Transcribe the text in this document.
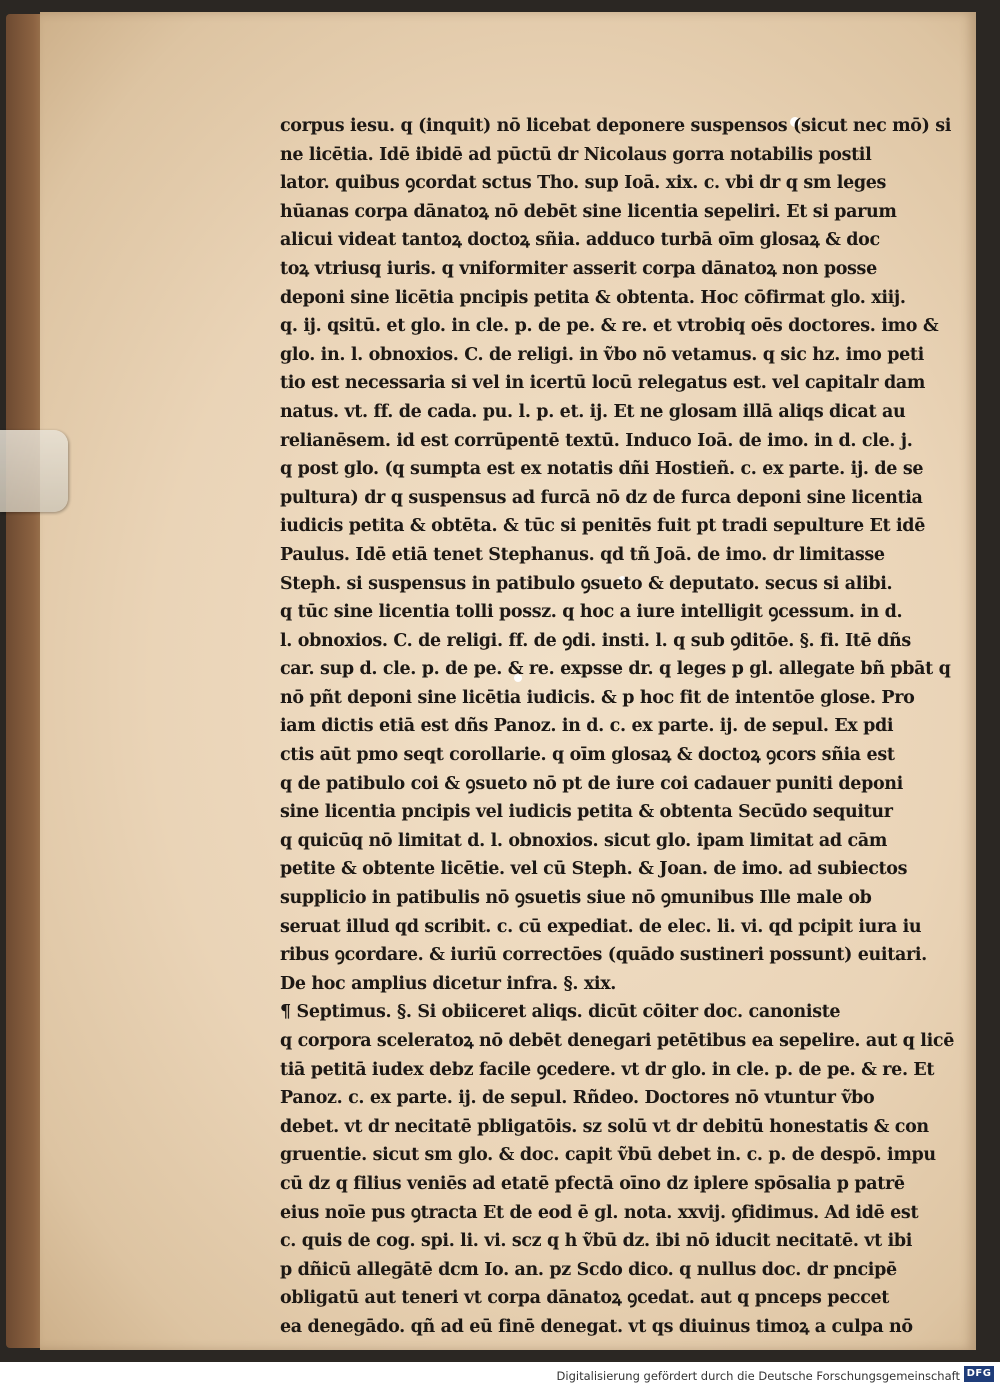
corpus iesu. q (inquit) nō licebat deponere suspensos (sicut nec mō) si
ne licētia. Idē ibidē ad pūctū dr Nicolaus gorra notabilis postil
lator. quibus ꝯcordat sctus Tho. sup Ioā. xix. c. vbi dr q sm leges
hūanas corpa dānatoꝝ nō debēt sine licentia sepeliri. Et si parum
alicui videat tantoꝝ doctoꝝ sñia. adduco turbā oīm glosaꝝ & doc
toꝝ vtriusq iuris. q vniformiter asserit corpa dānatoꝝ non posse
deponi sine licētia pncipis petita & obtenta. Hoc cōfirmat glo. xiij.
q. ij. qsitū. et glo. in cle. p. de pe. & re. et vtrobiq oēs doctores. imo &
glo. in. l. obnoxios. C. de religi. in ṽbo nō vetamus. q sic hz. imo peti
tio est necessaria si vel in icertū locū relegatus est. vel capitalr dam
natus. vt. ff. de cada. pu. l. p. et. ij. Et ne glosam illā aliqs dicat au
relianēsem. id est corrūpentē textū. Induco Ioā. de imo. in d. cle. j.
q post glo. (q sumpta est ex notatis dñi Hostieñ. c. ex parte. ij. de se
pultura) dr q suspensus ad furcā nō dz de furca deponi sine licentia
iudicis petita & obtēta. & tūc si penitēs fuit pt tradi sepulture Et idē
Paulus. Idē etiā tenet Stephanus. qd tñ Joā. de imo. dr limitasse
Steph. si suspensus in patibulo ꝯsueto & deputato. secus si alibi.
q tūc sine licentia tolli possz. q hoc a iure intelligit ꝯcessum. in d.
l. obnoxios. C. de religi. ff. de ꝯdi. insti. l. q sub ꝯditōe. §. fi. Itē dñs
car. sup d. cle. p. de pe. & re. expsse dr. q leges p gl. allegate bñ pbāt q
nō pñt deponi sine licētia iudicis. & p hoc fit de intentōe glose. Pro
iam dictis etiā est dñs Panoz. in d. c. ex parte. ij. de sepul. Ex pdi
ctis aūt pmo seqt corollarie. q oīm glosaꝝ & doctoꝝ ꝯcors sñia est
q de patibulo coi & ꝯsueto nō pt de iure coi cadauer puniti deponi
sine licentia pncipis vel iudicis petita & obtenta Secūdo sequitur
q quicūq nō limitat d. l. obnoxios. sicut glo. ipam limitat ad cām
petite & obtente licētie. vel cū Steph. & Joan. de imo. ad subiectos
supplicio in patibulis nō ꝯsuetis siue nō ꝯmunibus Ille male ob
seruat illud qd scribit. c. cū expediat. de elec. li. vi. qd pcipit iura iu
ribus ꝯcordare. & iuriū correctōes (quādo sustineri possunt) euitari.
De hoc amplius dicetur infra. §. xix.
¶ Septimus. §. Si obiiceret aliqs. dicūt cōiter doc. canoniste
q corpora sceleratoꝝ nō debēt denegari petētibus ea sepelire. aut q licē
tiā petitā iudex debz facile ꝯcedere. vt dr glo. in cle. p. de pe. & re. Et
Panoz. c. ex parte. ij. de sepul. Rñdeo. Doctores nō vtuntur ṽbo
debet. vt dr necitatē pbligatōis. sz solū vt dr debitū honestatis & con
gruentie. sicut sm glo. & doc. capit ṽbū debet in. c. p. de despō. impu
cū dz q filius veniēs ad etatē pfectā oīno dz iplere spōsalia p patrē
eius noīe pus ꝯtracta Et de eod ē gl. nota. xxvij. ꝯfidimus. Ad idē est
c. quis de cog. spi. li. vi. scz q h ṽbū dz. ibi nō iducit necitatē. vt ibi
p dñicū allegātē dcm Io. an. pz Scdo dico. q nullus doc. dr pncipē
obligatū aut teneri vt corpa dānatoꝝ ꝯcedat. aut q pnceps peccet
ea denegādo. qñ ad eū finē denegat. vt qs diuinus timoꝝ a culpa nō
Digitalisierung gefördert durch die Deutsche Forschungsgemeinschaft DFG
